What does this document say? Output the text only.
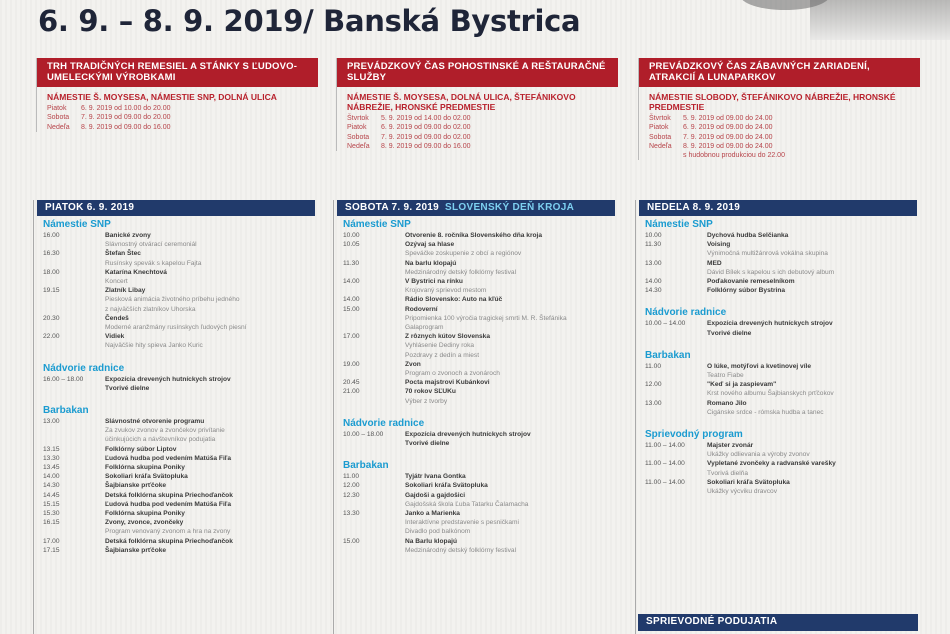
6. 9. – 8. 9. 2019/ Banská Bystrica
TRH TRADIČNÝCH REMESIEL A STÁNKY S ĽUDOVO-UMELECKÝMI VÝROBKAMI
NÁMESTIE Š. MOYSESA, NÁMESTIE SNP, DOLNÁ ULICA
Piatok	6. 9. 2019 od 10.00 do 20.00
Sobota	7. 9. 2019 od 09.00 do 20.00
Nedeľa	8. 9. 2019 od 09.00 do 16.00
PREVÁDZKOVÝ ČAS POHOSTINSKÉ A REŠTAURAČNÉ SLUŽBY
NÁMESTIE Š. MOYSESA, DOLNÁ ULICA, ŠTEFÁNIKOVO NÁBREŽIE, HRONSKÉ PREDMESTIE
Štvrtok	5. 9. 2019 od 14.00 do 02.00
Piatok	6. 9. 2019 od 09.00 do 02.00
Sobota	7. 9. 2019 od 09.00 do 02.00
Nedeľa	8. 9. 2019 od 09.00 do 16.00
PREVÁDZKOVÝ ČAS ZÁBAVNÝCH ZARIADENÍ, ATRAKCIÍ A LUNAPARKOV
NÁMESTIE SLOBODY, ŠTEFÁNIKOVO NÁBREŽIE, HRONSKÉ PREDMESTIE
Štvrtok	5. 9. 2019 od 09.00 do 24.00
Piatok	6. 9. 2019 od 09.00 do 24.00
Sobota	7. 9. 2019 od 09.00 do 24.00
Nedeľa	8. 9. 2019 od 09.00 do 24.00
s hudobnou produkciou do 22.00
PIATOK 6. 9. 2019
Námestie SNP
16.00	Banické zvony
Slávnostný otvárací ceremoniál
16.30	Štefan Štec
Rusínsky spevák s kapelou Fajta
18.00	Katarína Knechtová
Koncert
19.15	Zlatník Libay
Piesková animácia životného príbehu jedného
z najväčších zlatníkov Uhorska
20.30	Čendeš
Moderné aranžmány rusínskych ľudových piesní
22.00	Vidiek
Najväčšie hity spieva Janko Kuric
Nádvorie radnice
16.00 – 18.00	Expozícia drevených hutníckych strojov
Tvorivé dielne
Barbakan
13.00	Slávnostné otvorenie programu
Za zvukov zvonov a zvončekov privítanie
účinkujúcich a návštevníkov podujatia
13.15	Folklórny súbor Liptov
13.30	Ľudová hudba pod vedením Matúša Fiľa
13.45	Folklórna skupina Poniky
14.00	Sokoliari kráľa Svätopluka
14.30	Šajbianske prťčoke
14.45	Detská folklórna skupina Priechoďančok
15.15	Ľudová hudba pod vedením Matúša Fiľa
15.30	Folklórna skupina Poniky
16.15	Zvony, zvonce, zvončeky
Program venovaný zvonom a hra na zvony
17.00	Detská folklórna skupina Priechoďančok
17.15	Šajbianske prťčoke
SOBOTA 7. 9. 2019 SLOVENSKÝ DEŇ KROJA
Námestie SNP
10.00	Otvorenie 8. ročníka Slovenského dňa kroja
10.05	Ozývaj sa hlase
Speváčke zoskupenie z obcí a regiónov
11.30	Na barlu klopajú
Medzinárodný detský folklórny festival
14.00	V Bystrici na rínku
Krojovaný sprievod mestom
14.00	Rádio Slovensko: Auto na kľúč
15.00	Rodoverní
Pripomienka 100 výročia tragickej smrti M. R. Štefánika
Galaprogram
17.00	Z rôznych kútov Slovenska
Vyhlásenie Dediny roka
Pozdravy z dedín a miest
19.00	Zvon
Program o zvonoch a zvonároch
20.45	Pocta majstrovi Kubánkovi
21.00	70 rokov SĽUKu
Výber z tvorby
Nádvorie radnice
10.00 – 18.00	Expozícia drevených hutníckych strojov
Tvorivé dielne
Barbakan
11.00	Tyjátr Ivana Gontka
12.00	Sokoliari kráľa Svätopluka
12.30	Gajdoši a gajdošici
Gajdošská škola Ľuba Tatarku Čalamacha
13.30	Janko a Marienka
Interaktívne predstavenie s pesničkami
Divadlo pod balkónom
15.00	Na Barlu klopajú
Medzinárodný detský folklórny festival
NEDEĽA 8. 9. 2019
Námestie SNP
10.00	Dychová hudba Selčianka
11.30	Voising
Výnimočná multižánrová vokálna skupina
13.00	MED
Dávid Bílek s kapelou s ich debutový album
14.00	Poďakovanie remeselníkom
14.30	Folklórny súbor Bystrina
Nádvorie radnice
10.00 – 14.00	Expozícia drevených hutníckych strojov
Tvorivé dielne
Barbakan
11.00	O lúke, motýľovi a kvetinovej víle
Teatro Fiabe
12.00	"Keď si ja zaspievam"
Krst nového albumu Šajbianskych prťčokov
13.00	Romano Jilo
Cigánske srdce - rómska hudba a tanec
Sprievodný program
11.00 – 14.00	Majster zvonár
Ukážky odlievania a výroby zvonov
11.00 – 14.00	Vypletané zvončeky a radvanské varešky
Tvorivá dielňa
11.00 – 14.00	Sokoliari kráľa Svätopluka
Ukážky výcviku dravcov
SPRIEVODNÉ PODUJATIA
